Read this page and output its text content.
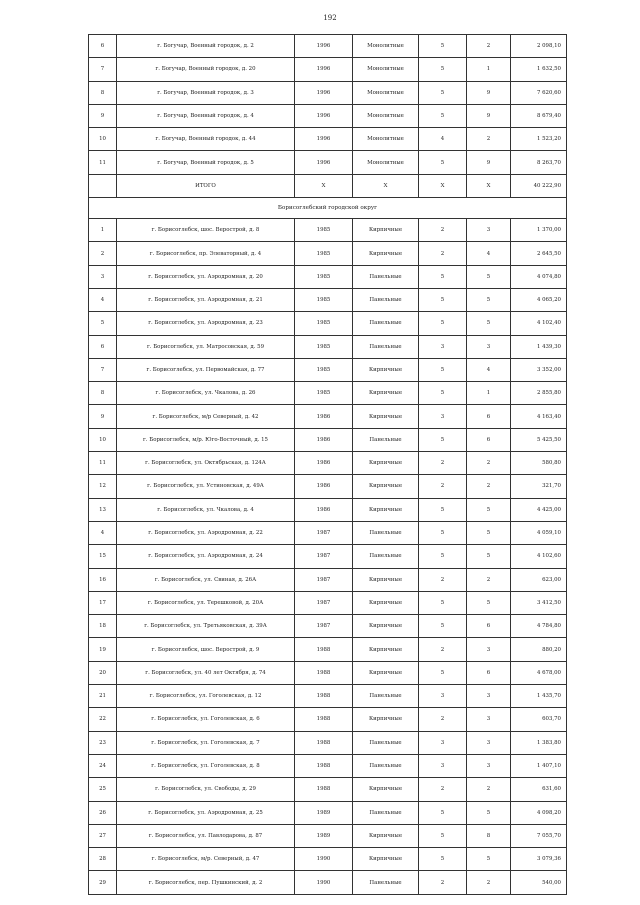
192
6	г. Богучар, Военный городок, д. 2	1996	Монолитные	5	2	2 098,10
7	г. Богучар, Военный городок, д. 20	1996	Монолитные	5	1	1 632,50
8	г. Богучар, Военный городок, д. 3	1996	Монолитные	5	9	7 620,60
9	г. Богучар, Военный городок, д. 4	1996	Монолитные	5	9	8 679,40
10	г. Богучар, Военный городок, д. 44	1996	Монолитные	4	2	1 523,20
11	г. Богучар, Военный городок, д. 5	1996	Монолитные	5	9	8 263,70
	ИТОГО	Х	Х	Х	Х	40 222,90
Борисоглебский городской округ						
1	г. Борисоглебск, шос. Верострой, д. 8	1985	Кирпичные	2	3	1 370,00
2	г. Борисоглебск, пр. Элеваторный, д. 4	1985	Кирпичные	2	4	2 645,50
3	г. Борисоглебск, ул. Аэродромная, д. 20	1985	Панельные	5	5	4 074,80
4	г. Борисоглебск, ул. Аэродромная, д. 21	1985	Панельные	5	5	4 065,20
5	г. Борисоглебск, ул. Аэродромная, д. 23	1985	Панельные	5	5	4 102,40
6	г. Борисоглебск, ул. Матросовская, д. 59	1985	Панельные	3	3	1 439,30
7	г. Борисоглебск, ул. Первомайская, д. 77	1985	Кирпичные	5	4	3 352,00
8	г. Борисоглебск, ул. Чкалова, д. 26	1985	Кирпичные	5	1	2 855,80
9	г. Борисоглебск, м/р Северный, д. 42	1986	Кирпичные	3	6	4 163,40
10	г. Борисоглебск, м/р. Юго-Восточный, д. 15	1986	Панельные	5	6	5 425,50
11	г. Борисоглебск, ул. Октябрьская, д. 124А	1986	Кирпичные	2	2	580,80
12	г. Борисоглебск, ул. Устиновская, д. 49А	1986	Кирпичные	2	2	321,70
13	г. Борисоглебск, ул. Чкалова, д. 4	1986	Кирпичные	5	5	4 425,00
4	г. Борисоглебск, ул. Аэродромная, д. 22	1987	Панельные	5	5	4 059,10
15	г. Борисоглебск, ул. Аэродромная, д. 24	1987	Панельные	5	5	4 102,60
16	г. Борисоглебск, ул. Свиная, д. 26А	1987	Кирпичные	2	2	623,00
17	г. Борисоглебск, ул. Терешковой, д. 20А	1987	Кирпичные	5	5	3 412,50
18	г. Борисоглебск, ул. Третьяковская, д. 39А	1987	Кирпичные	5	6	4 784,80
19	г. Борисоглебск, шос. Верострой, д. 9	1988	Кирпичные	2	3	880,20
20	г. Борисоглебск, ул. 40 лет Октября, д. 74	1988	Кирпичные	5	6	4 678,00
21	г. Борисоглебск, ул. Гоголевская, д. 12	1988	Панельные	3	3	1 435,70
22	г. Борисоглебск, ул. Гоголевская, д. 6	1988	Кирпичные	2	3	603,70
23	г. Борисоглебск, ул. Гоголевская, д. 7	1988	Панельные	3	3	1 383,80
24	г. Борисоглебск, ул. Гоголевская, д. 8	1988	Панельные	3	3	1 407,10
25	г. Борисоглебск, ул. Свободы, д. 29	1988	Кирпичные	2	2	631,60
26	г. Борисоглебск, ул. Аэродромная, д. 25	1989	Панельные	5	5	4 098,20
27	г. Борисоглебск, ул. Павлодарова, д. 87	1989	Кирпичные	5	8	7 055,70
28	г. Борисоглебск, м/р. Северный, д. 47	1990	Кирпичные	5	5	3 079,36
29	г. Борисоглебск, пер. Пушкинский, д. 2	1990	Панельные	2	2	540,00
